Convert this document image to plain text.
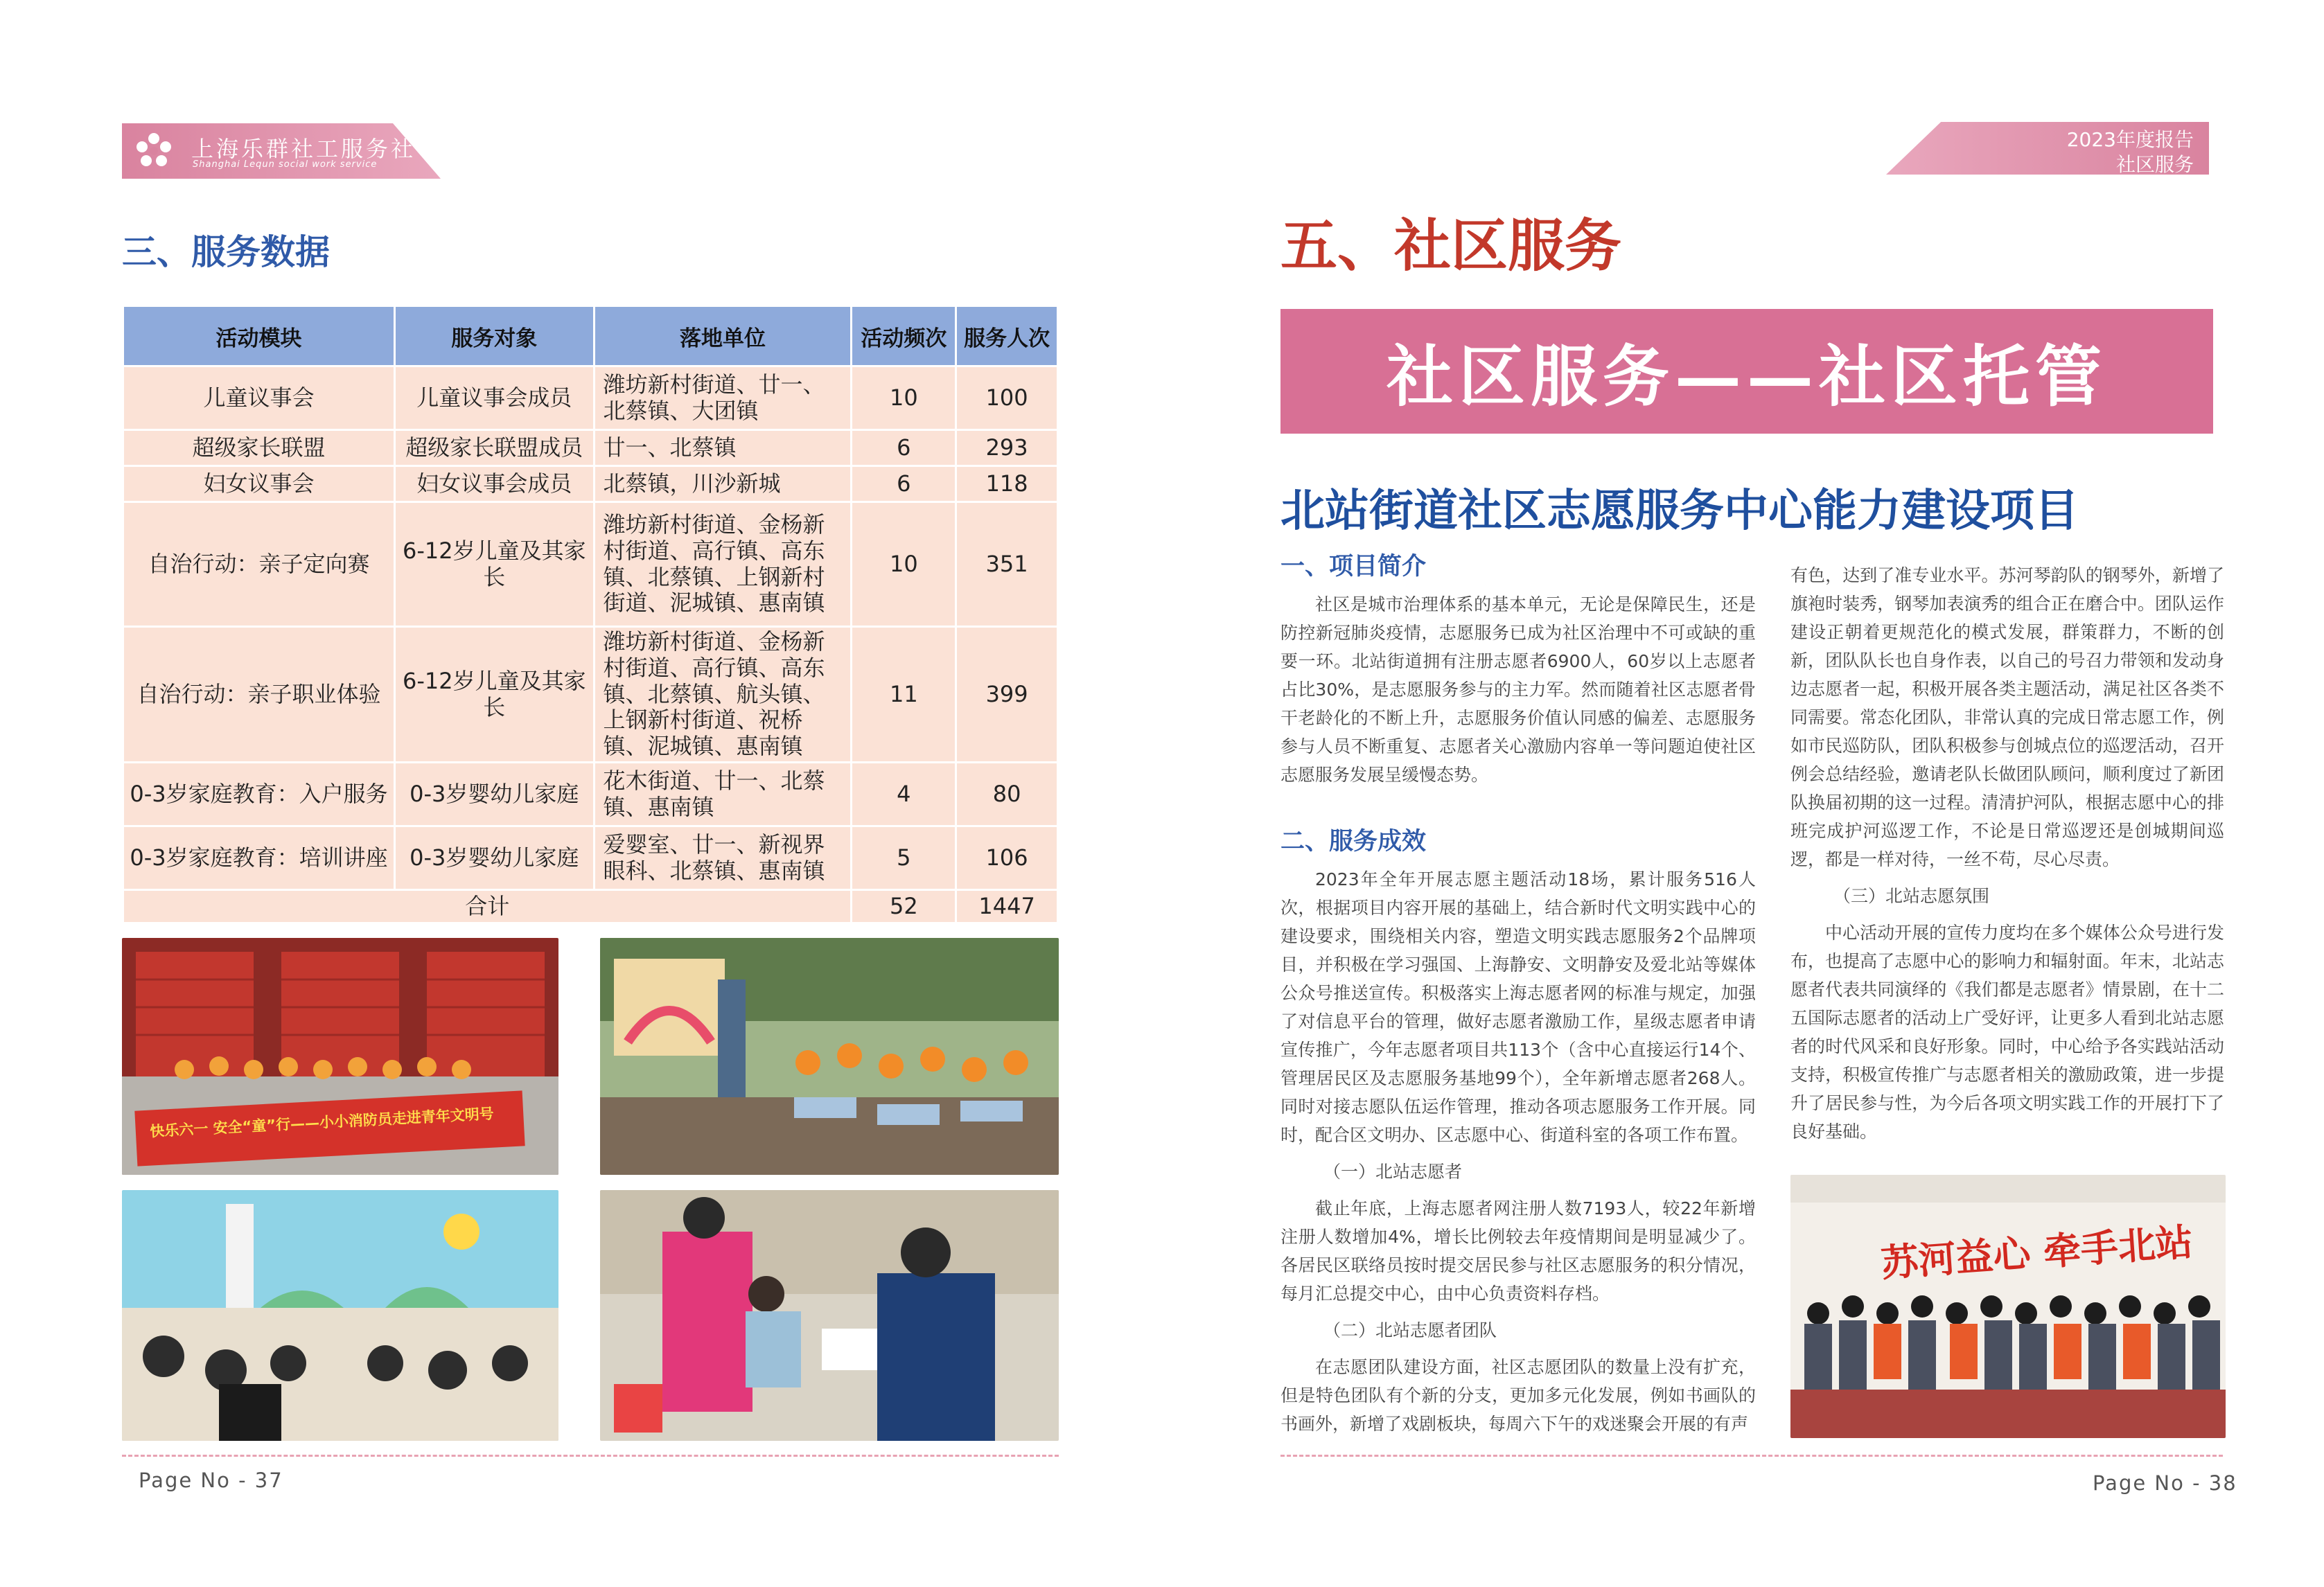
上海乐群社工服务社
Shanghai Lequn social work service
三、服务数据
活动模块	服务对象	落地单位	活动频次	服务人次
儿童议事会	儿童议事会成员	潍坊新村街道、廿一、北蔡镇、大团镇	10	100
超级家长联盟	超级家长联盟成员	廿一、北蔡镇	6	293
妇女议事会	妇女议事会成员	北蔡镇，川沙新城	6	118
自治行动：亲子定向赛	6-12岁儿童及其家长	潍坊新村街道、金杨新村街道、高行镇、高东镇、北蔡镇、上钢新村街道、泥城镇、惠南镇	10	351
自治行动：亲子职业体验	6-12岁儿童及其家长	潍坊新村街道、金杨新村街道、高行镇、高东镇、北蔡镇、航头镇、上钢新村街道、祝桥镇、泥城镇、惠南镇	11	399
0-3岁家庭教育：入户服务	0-3岁婴幼儿家庭	花木街道、廿一、北蔡镇、惠南镇	4	80
0-3岁家庭教育：培训讲座	0-3岁婴幼儿家庭	爱婴室、廿一、新视界眼科、北蔡镇、惠南镇	5	106
合计			52	1447
快乐六一 安全“童”行——小小消防员走进青年文明号
Page No - 37
2023年度报告
社区服务
五、社区服务
社区服务——社区托管
北站街道社区志愿服务中心能力建设项目
一、项目简介

社区是城市治理体系的基本单元，无论是保障民生，还是防控新冠肺炎疫情，志愿服务已成为社区治理中不可或缺的重要一环。北站街道拥有注册志愿者6900人，60岁以上志愿者占比30%，是志愿服务参与的主力军。然而随着社区志愿者骨干老龄化的不断上升，志愿服务价值认同感的偏差、志愿服务参与人员不断重复、志愿者关心激励内容单一等问题迫使社区志愿服务发展呈缓慢态势。

二、服务成效

2023年全年开展志愿主题活动18场，累计服务516人次，根据项目内容开展的基础上，结合新时代文明实践中心的建设要求，围绕相关内容，塑造文明实践志愿服务2个品牌项目，并积极在学习强国、上海静安、文明静安及爱北站等媒体公众号推送宣传。积极落实上海志愿者网的标准与规定，加强了对信息平台的管理，做好志愿者激励工作，星级志愿者申请宣传推广，今年志愿者项目共113个（含中心直接运行14个、管理居民区及志愿服务基地99个），全年新增志愿者268人。同时对接志愿队伍运作管理，推动各项志愿服务工作开展。同时，配合区文明办、区志愿中心、街道科室的各项工作布置。

（一）北站志愿者

截止年底，上海志愿者网注册人数7193人，较22年新增注册人数增加4%，增长比例较去年疫情期间是明显减少了。各居民区联络员按时提交居民参与社区志愿服务的积分情况，每月汇总提交中心，由中心负责资料存档。

（二）北站志愿者团队

在志愿团队建设方面，社区志愿团队的数量上没有扩充，但是特色团队有个新的分支，更加多元化发展，例如书画队的书画外，新增了戏剧板块，每周六下午的戏迷聚会开展的有声

有色，达到了准专业水平。苏河琴韵队的钢琴外，新增了旗袍时装秀，钢琴加表演秀的组合正在磨合中。团队运作建设正朝着更规范化的模式发展，群策群力，不断的创新，团队队长也自身作表，以自己的号召力带领和发动身边志愿者一起，积极开展各类主题活动，满足社区各类不同需要。常态化团队，非常认真的完成日常志愿工作，例如市民巡防队，团队积极参与创城点位的巡逻活动，召开例会总结经验，邀请老队长做团队顾问，顺利度过了新团队换届初期的这一过程。清清护河队，根据志愿中心的排班完成护河巡逻工作，不论是日常巡逻还是创城期间巡逻，都是一样对待，一丝不苟，尽心尽责。

（三）北站志愿氛围

中心活动开展的宣传力度均在多个媒体公众号进行发布，也提高了志愿中心的影响力和辐射面。年末，北站志愿者代表共同演绎的《我们都是志愿者》情景剧，在十二五国际志愿者的活动上广受好评，让更多人看到北站志愿者的时代风采和良好形象。同时，中心给予各实践站活动支持，积极宣传推广与志愿者相关的激励政策，进一步提升了居民参与性，为今后各项文明实践工作的开展打下了良好基础。

苏河益心 牵手北站
Page No - 38
